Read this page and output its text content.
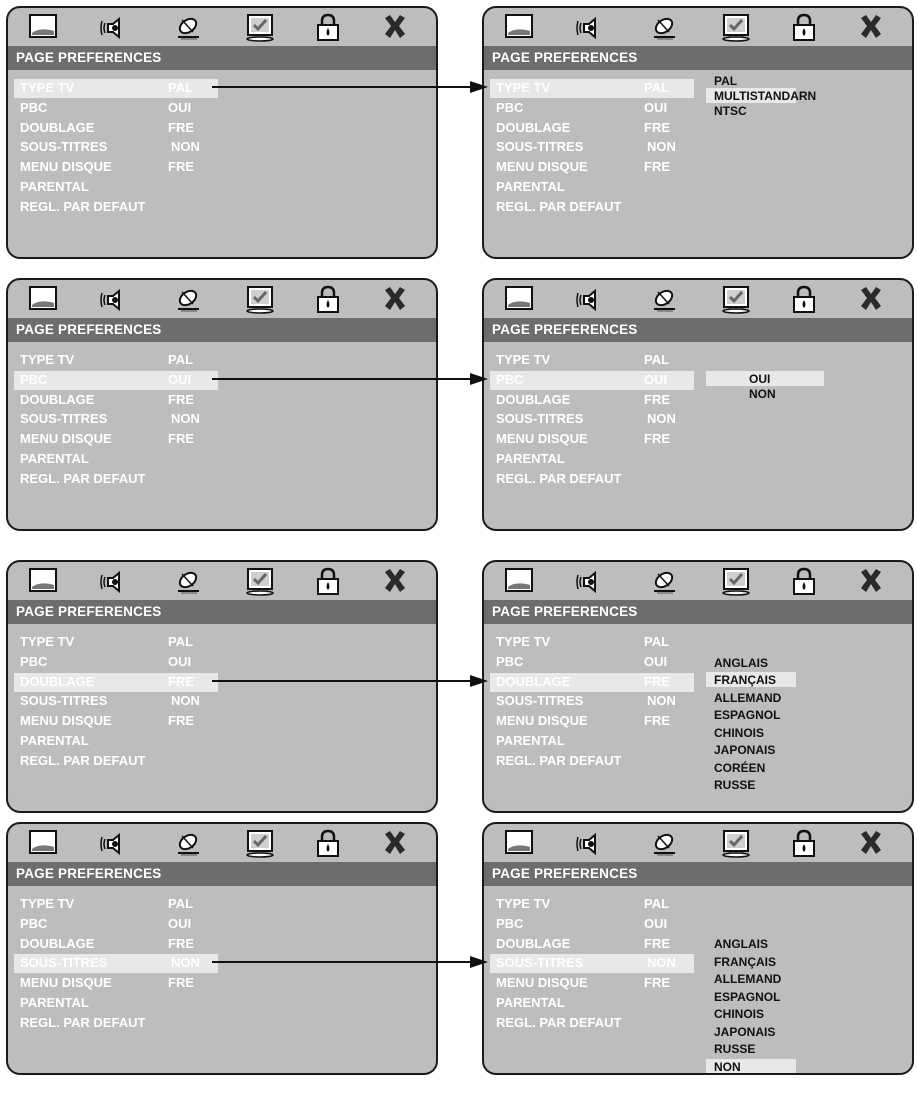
PAGE PREFERENCES
TYPE TV	PAL
PBC	OUI
DOUBLAGE	FRE
SOUS-TITRES	NON
MENU DISQUE	FRE
PARENTAL
REGL. PAR DEFAUT
PAGE PREFERENCES
TYPE TV	PAL
PBC	OUI
DOUBLAGE	FRE
SOUS-TITRES	NON
MENU DISQUE	FRE
PARENTAL
REGL. PAR DEFAUT
PAL
MULTISTANDARN
NTSC
PAGE PREFERENCES
TYPE TV	PAL
PBC	OUI
DOUBLAGE	FRE
SOUS-TITRES	NON
MENU DISQUE	FRE
PARENTAL
REGL. PAR DEFAUT
PAGE PREFERENCES
TYPE TV	PAL
PBC	OUI
DOUBLAGE	FRE
SOUS-TITRES	NON
MENU DISQUE	FRE
PARENTAL
REGL. PAR DEFAUT
OUI
NON
PAGE PREFERENCES
TYPE TV	PAL
PBC	OUI
DOUBLAGE	FRE
SOUS-TITRES	NON
MENU DISQUE	FRE
PARENTAL
REGL. PAR DEFAUT
PAGE PREFERENCES
TYPE TV	PAL
PBC	OUI
DOUBLAGE	FRE
SOUS-TITRES	NON
MENU DISQUE	FRE
PARENTAL
REGL. PAR DEFAUT
ANGLAIS
FRANÇAIS
ALLEMAND
ESPAGNOL
CHINOIS
JAPONAIS
CORÉEN
RUSSE
PAGE PREFERENCES
TYPE TV	PAL
PBC	OUI
DOUBLAGE	FRE
SOUS-TITRES	NON
MENU DISQUE	FRE
PARENTAL
REGL. PAR DEFAUT
PAGE PREFERENCES
TYPE TV	PAL
PBC	OUI
DOUBLAGE	FRE
SOUS-TITRES	NON
MENU DISQUE	FRE
PARENTAL
REGL. PAR DEFAUT
ANGLAIS
FRANÇAIS
ALLEMAND
ESPAGNOL
CHINOIS
JAPONAIS
RUSSE
NON
